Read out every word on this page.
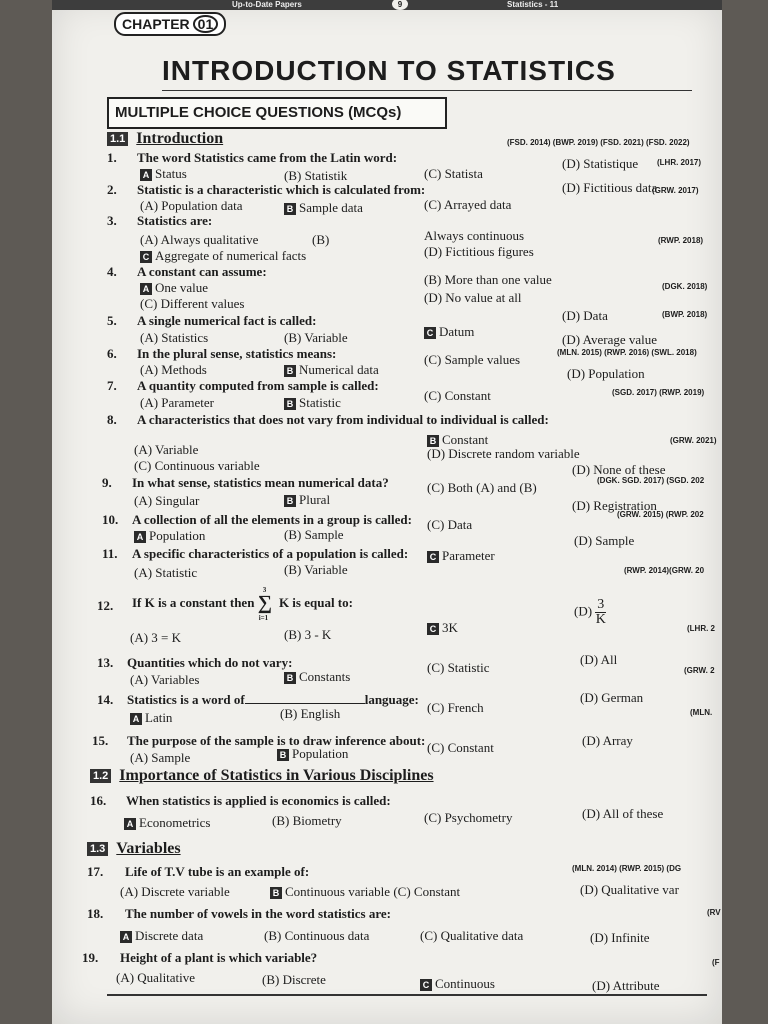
Up-to-Date Papers	9	Statistics - 11
CHAPTER 01
INTRODUCTION TO STATISTICS
MULTIPLE CHOICE QUESTIONS (MCQs)
1.1 Introduction
1. The word Statistics came from the Latin word:
(FSD. 2014) (BWP. 2019) (FSD. 2021) (FSD. 2022)
A Status	(B) Statistik	(C) Statista
(D) Statistique (LHR. 2017)
2. Statistic is a characteristic which is calculated from:
(A) Population data	B Sample data	(C) Arrayed data
(D) Fictitious data
(GRW. 2017)
3. Statistics are:
(A) Always qualitative	(B)	Always continuous
C Aggregate of numerical facts	(D) Fictitious figures
(RWP. 2018)
4. A constant can assume:
A One value
(B) More than one value
(C) Different values	(D) No value at all
(DGK. 2018)
5. A single numerical fact is called:
(A) Statistics	(B) Variable	C Datum
(D) Data	(BWP. 2018)
6. In the plural sense, statistics means:
(A) Methods	B Numerical data
(C) Sample values
(D) Average value
(MLN. 2015) (RWP. 2016) (SWL. 2018)
7. A quantity computed from sample is called:
(A) Parameter	B Statistic	(C) Constant
(D) Population
(SGD. 2017) (RWP. 2019)
8. A characteristics that does not vary from individual to individual is called:
(A) Variable
B Constant
(C) Continuous variable
(D) Discrete random variable
(GRW. 2021)
9. In what sense, statistics mean numerical data?
(A) Singular	B Plural
(C) Both (A) and (B)
(D) None of these
(DGK. SGD. 2017) (SGD. 202
10. A collection of all the elements in a group is called:
A Population	(B) Sample
(C) Data
(D) Registration
(GRW. 2015) (RWP. 202
11. A specific characteristics of a population is called:
(A) Statistic	(B) Variable
C Parameter
(D) Sample
(RWP. 2014)(GRW. 20
12. If K is a constant then
3
∑
i=1
K is equal to:
(A) 3 = K	(B) 3 - K	C 3K
$(D) \frac{3}{K}$
(LHR. 2
13. Quantities which do not vary:
(A) Variables	B Constants
(C) Statistic
(D) All
(GRW. 2
14. Statistics is a word of	language:
A Latin	(B) English	(C) French
(D) German
(MLN.
15. The purpose of the sample is to draw inference about:
(A) Sample	B Population	(C) Constant	(D) Array
1.2 Importance of Statistics in Various Disciplines
16. When statistics is applied is economics is called:
A Econometrics	(B) Biometry	(C) Psychometry	(D) All of these
1.3 Variables
(MLN. 2014) (RWP. 2015) (DG
17. Life of T.V tube is an example of:
(A) Discrete variable	B Continuous variable (C) Constant	(D) Qualitative var
(RV
18. The number of vowels in the word statistics are:
A Discrete data	(B) Continuous data	(C) Qualitative data	(D) Infinite
(F
19. Height of a plant is which variable?
(A) Qualitative	(B) Discrete	C Continuous	(D) Attribute
